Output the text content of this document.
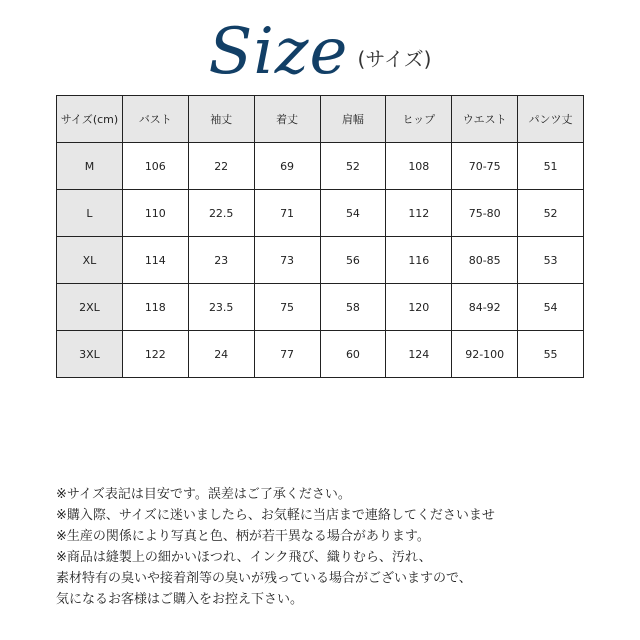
Size (サイズ)
サイズ(cm)	バスト	袖丈	着丈	肩幅	ヒップ	ウエスト	パンツ丈
M	106	22	69	52	108	70-75	51
L	110	22.5	71	54	112	75-80	52
XL	114	23	73	56	116	80-85	53
2XL	118	23.5	75	58	120	84-92	54
3XL	122	24	77	60	124	92-100	55
※サイズ表記は目安です。誤差はご了承ください。
※購入際、サイズに迷いましたら、お気軽に当店まで連絡してくださいませ
※生産の関係により写真と色、柄が若干異なる場合があります。
※商品は縫製上の細かいほつれ、インク飛び、織りむら、汚れ、
素材特有の臭いや接着剤等の臭いが残っている場合がございますので、
気になるお客様はご購入をお控え下さい。
